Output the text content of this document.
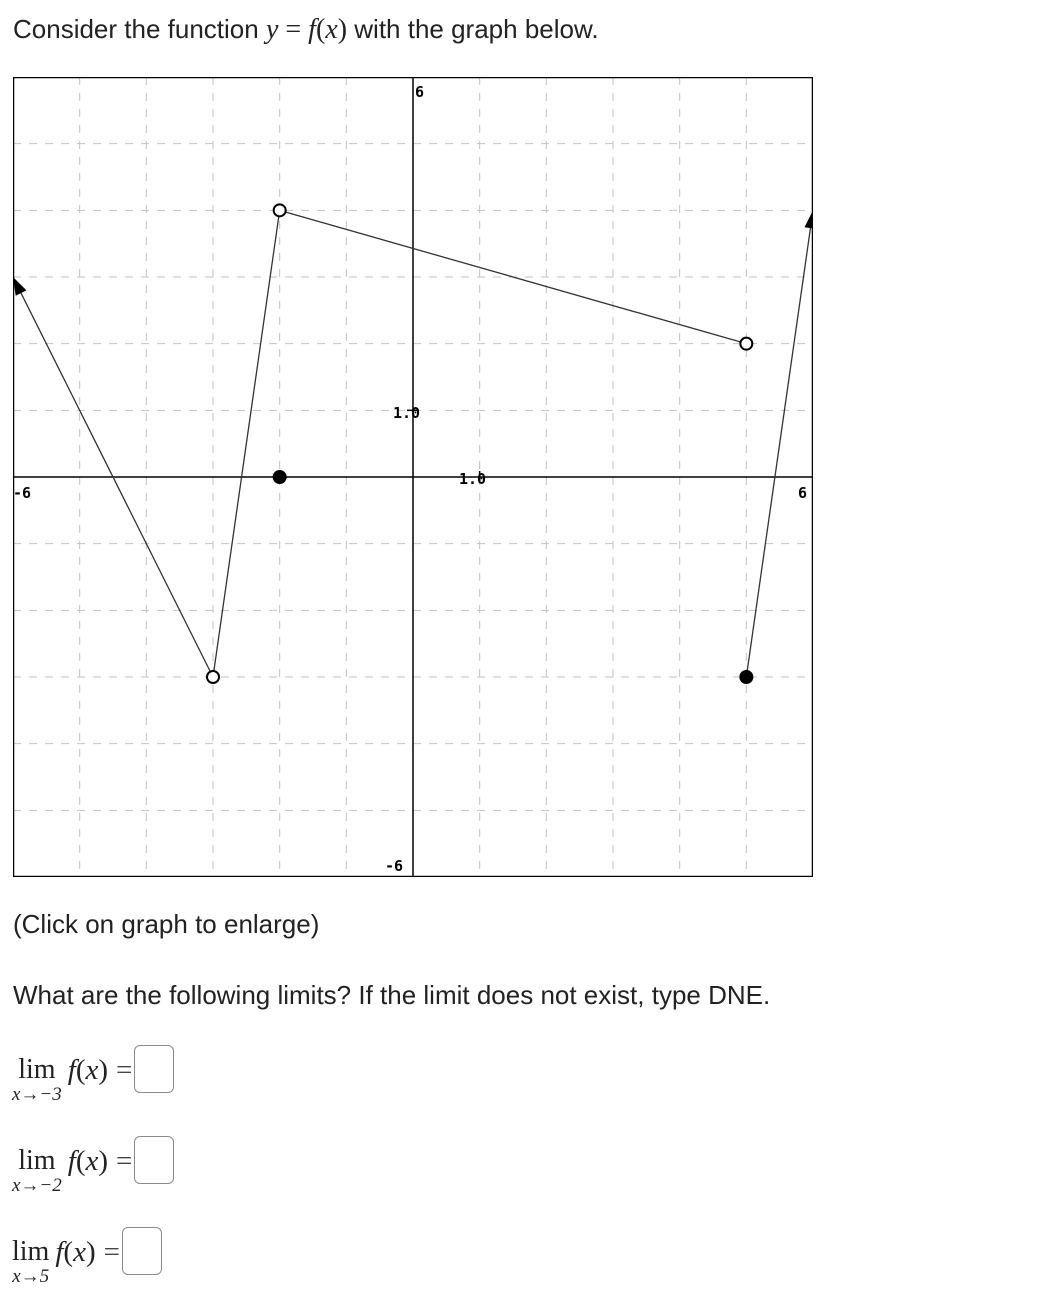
Consider the function y = f(x) with the graph below.
-6	6
6
-6
1.0
1.0
(Click on graph to enlarge)
What are the following limits? If the limit does not exist, type DNE.
lim
x→−3
f(x) =
lim
x→−2
f(x) =
lim
x→5
f(x) =
